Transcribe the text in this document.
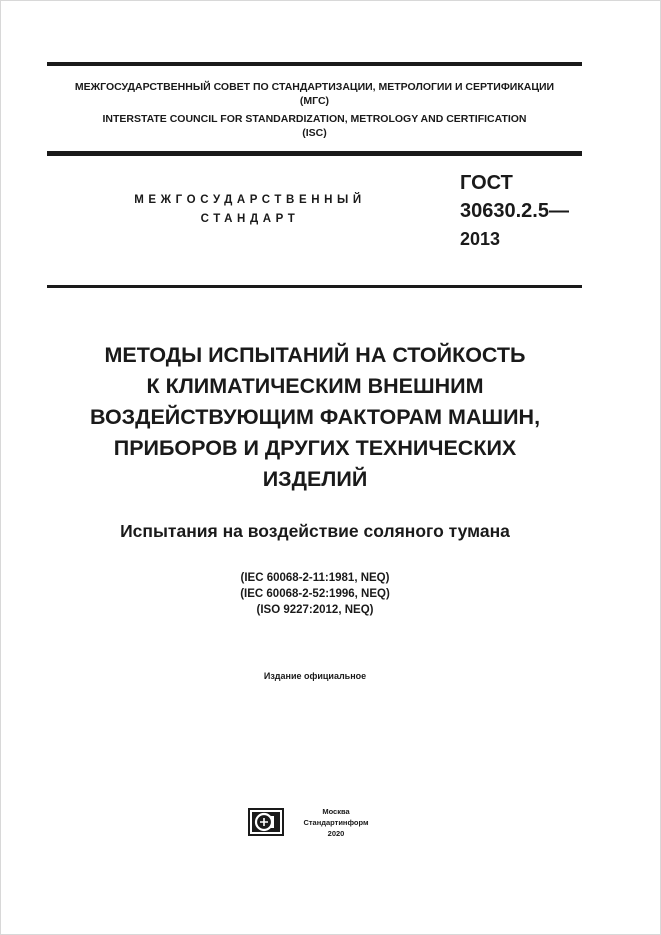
МЕЖГОСУДАРСТВЕННЫЙ СОВЕТ ПО СТАНДАРТИЗАЦИИ, МЕТРОЛОГИИ И СЕРТИФИКАЦИИ
(МГС)
INTERSTATE COUNCIL FOR STANDARDIZATION, METROLOGY AND CERTIFICATION
(ISC)
МЕЖГОСУДАРСТВЕННЫЙ
СТАНДАРТ
ГОСТ
30630.2.5—
2013
МЕТОДЫ ИСПЫТАНИЙ НА СТОЙКОСТЬ
К КЛИМАТИЧЕСКИМ ВНЕШНИМ
ВОЗДЕЙСТВУЮЩИМ ФАКТОРАМ МАШИН,
ПРИБОРОВ И ДРУГИХ ТЕХНИЧЕСКИХ
ИЗДЕЛИЙ
Испытания на воздействие соляного тумана
(IEC 60068-2-11:1981, NEQ)
(IEC 60068-2-52:1996, NEQ)
(ISO 9227:2012, NEQ)
Издание официальное
Москва
Стандартинформ
2020
